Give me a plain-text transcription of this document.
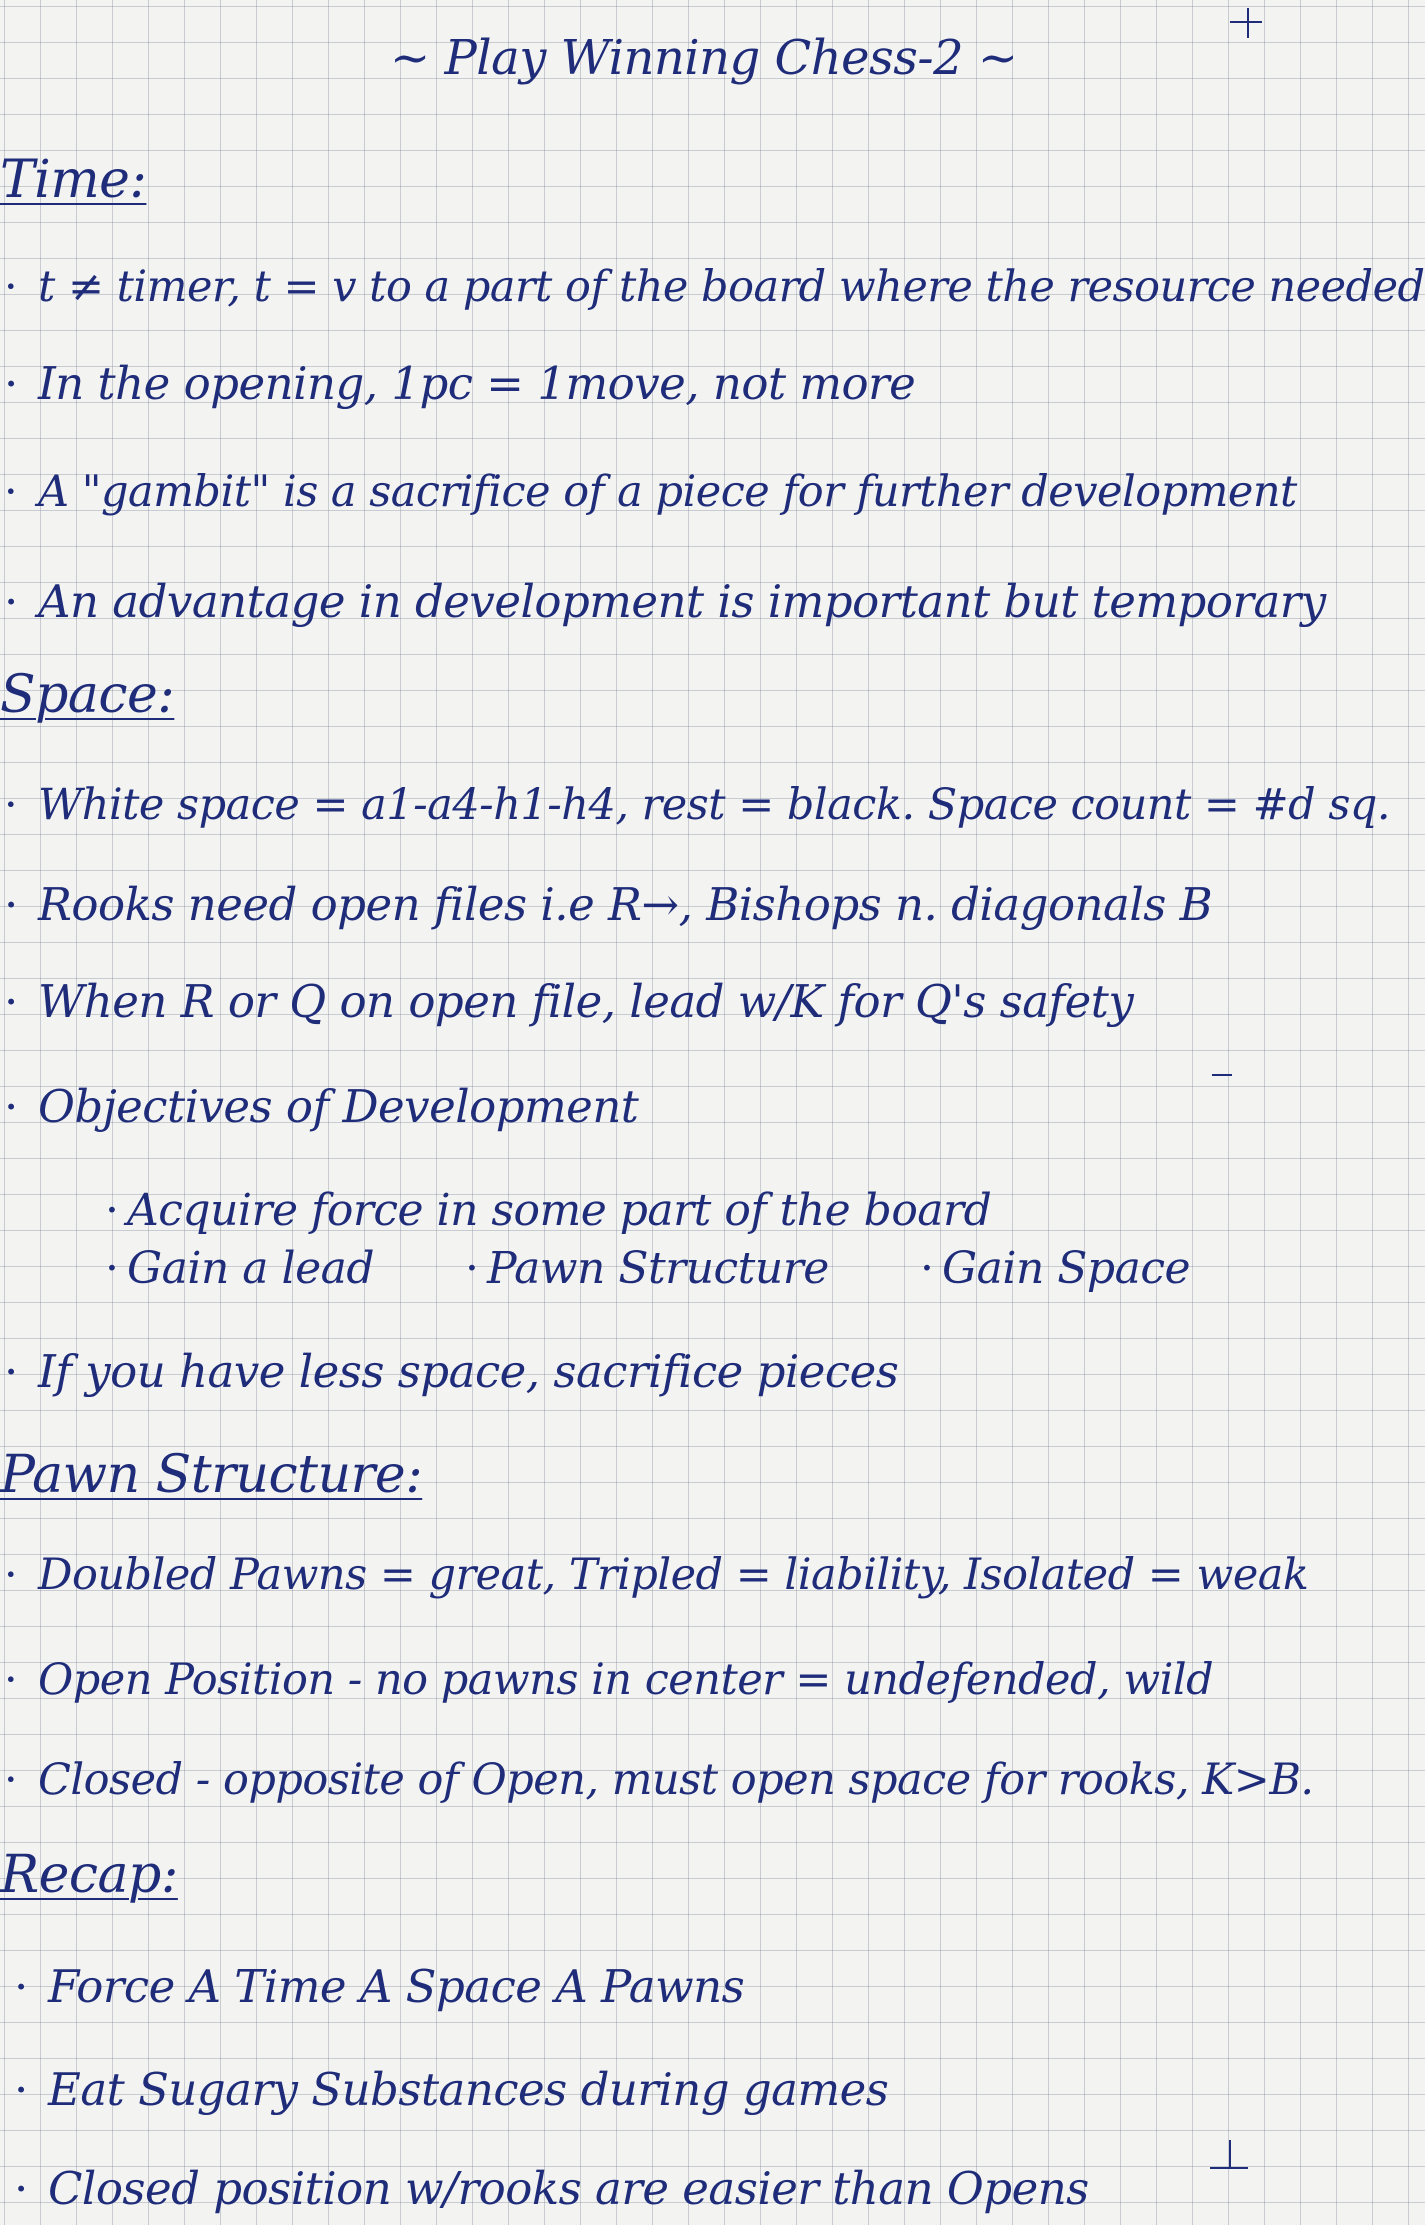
~ Play Winning Chess-2 ~
Time:
· t ≠ timer, t = v to a part of the board where the resource needed
· In the opening, 1pc = 1move, not more
· A "gambit" is a sacrifice of a piece for further development
· An advantage in development is important but temporary
Space:
· White space = a1-a4-h1-h4, rest = black. Space count = #d sq.
· Rooks need open files i.e R→, Bishops n. diagonals B
· When R or Q on open file, lead w/K for Q's safety
· Objectives of Development
· Acquire force in some part of the board
· Gain a lead · Pawn Structure · Gain Space
· If you have less space, sacrifice pieces
Pawn Structure:
· Doubled Pawns = great, Tripled = liability, Isolated = weak
· Open Position - no pawns in center = undefended, wild
· Closed - opposite of Open, must open space for rooks, K>B.
Recap:
· Force A Time A Space A Pawns
· Eat Sugary Substances during games
· Closed position w/rooks are easier than Opens
